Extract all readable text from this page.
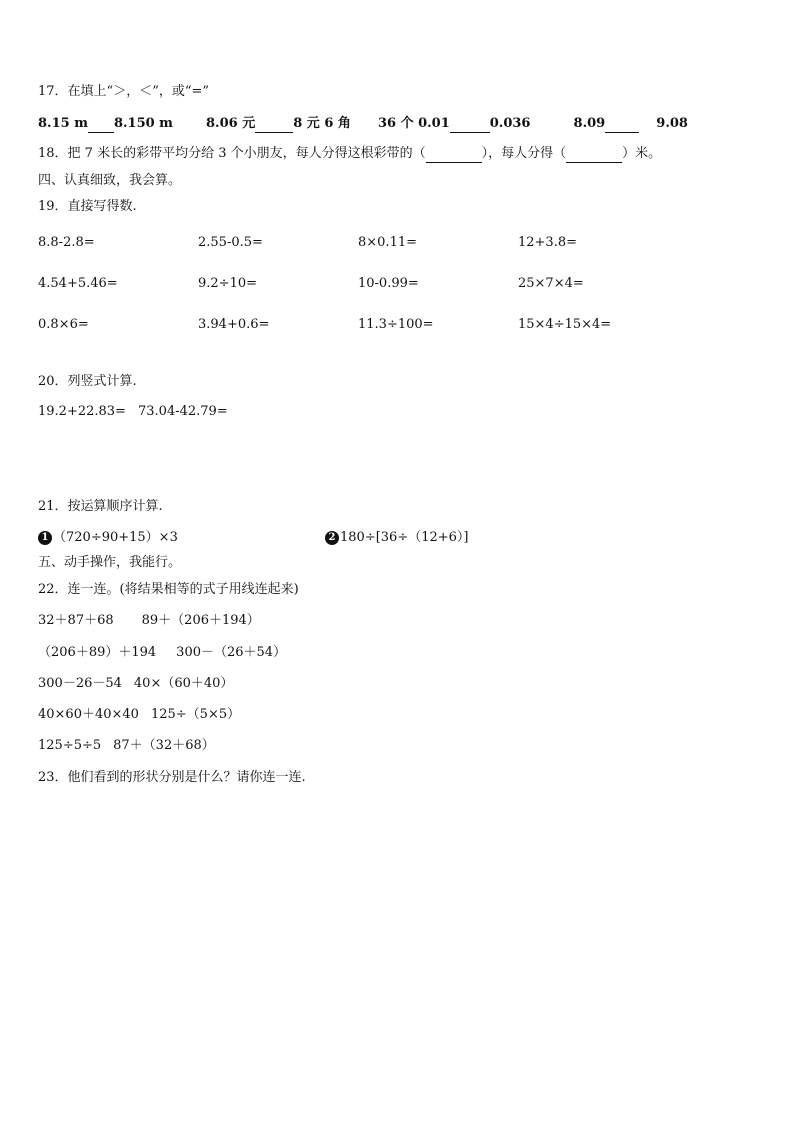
17．在填上“＞，＜”，或“=”
8.15 m 8.150 m	8.06 元	8 元 6 角 36 个 0.01	0.036	8.09	9.08
18．把 7 米长的彩带平均分给 3 个小朋友，每人分得这根彩带的（	），每人分得（	）米。
四、认真细致，我会算。
19．直接写得数.
8.8-2.8=	2.55-0.5=	8×0.11=	12+3.8=
4.54+5.46=	9.2÷10=	10-0.99=	25×7×4=
0.8×6=	3.94+0.6=	11.3÷100=	15×4÷15×4=
20．列竖式计算.
19.2+22.83= 73.04-42.79=
21．按运算顺序计算.
1 （720÷90+15）×3	2 180÷[36÷（12+6）]
五、动手操作，我能行。
22．连一连。(将结果相等的式子用线连起来)
32＋87＋68 89＋（206＋194）
（206＋89）＋194 300－（26＋54）
300－26－54 40×（60＋40）
40×60＋40×40 125÷（5×5）
125÷5÷5 87＋（32＋68）
23．他们看到的形状分别是什么？请你连一连.
